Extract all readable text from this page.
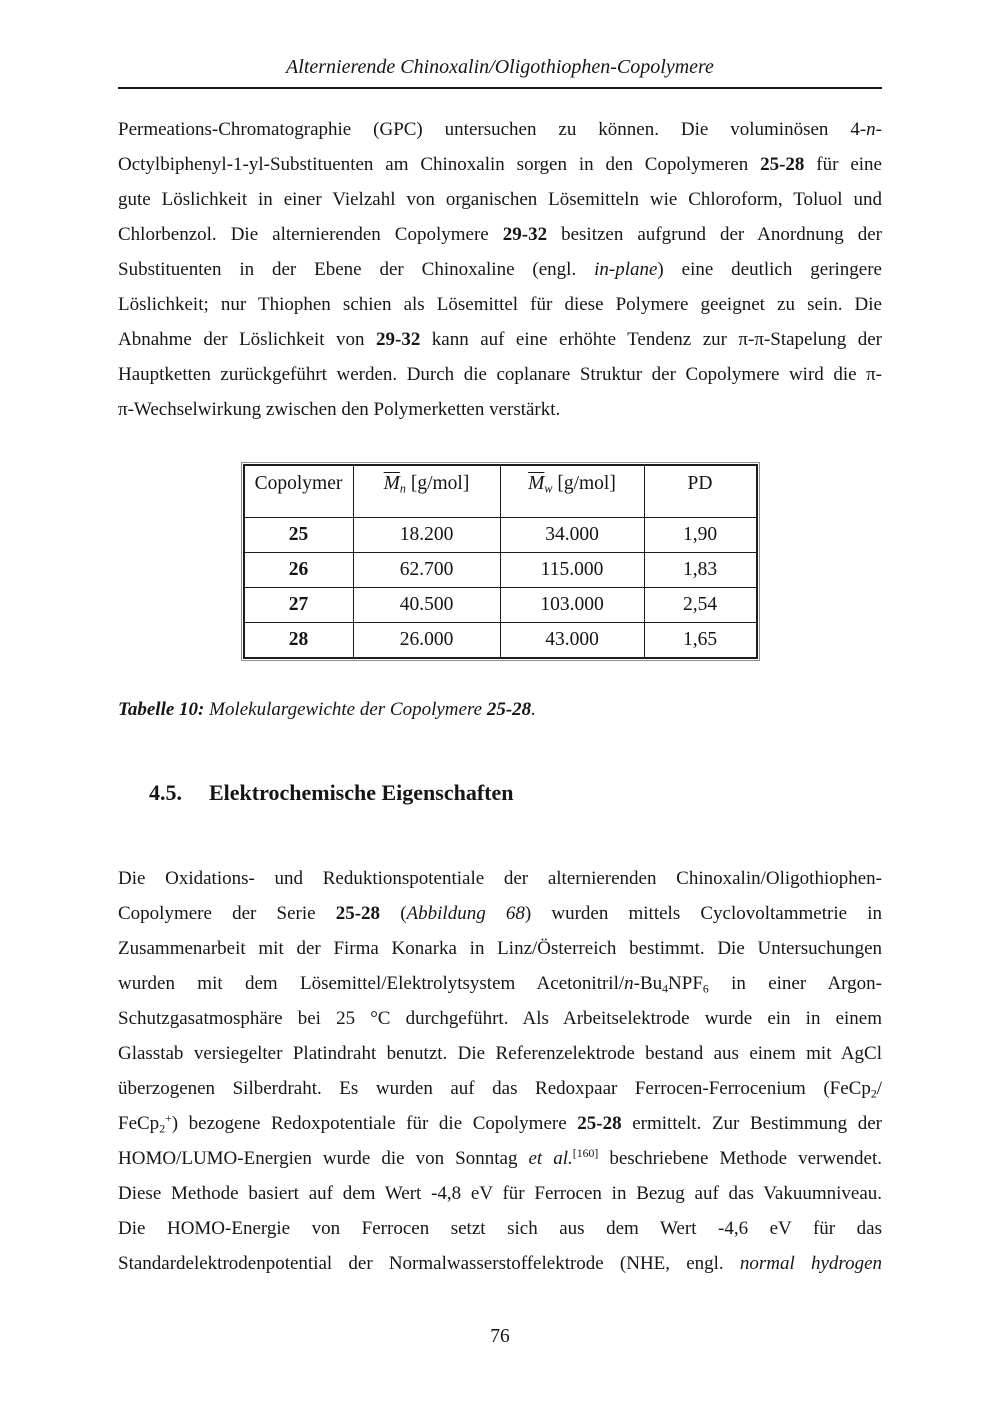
Alternierende Chinoxalin/Oligothiophen-Copolymere
Permeations-Chromatographie (GPC) untersuchen zu können. Die voluminösen 4-n-
Octylbiphenyl-1-yl-Substituenten am Chinoxalin sorgen in den Copolymeren 25-28 für eine
gute Löslichkeit in einer Vielzahl von organischen Lösemitteln wie Chloroform, Toluol und
Chlorbenzol. Die alternierenden Copolymere 29-32 besitzen aufgrund der Anordnung der
Substituenten in der Ebene der Chinoxaline (engl. in-plane) eine deutlich geringere
Löslichkeit; nur Thiophen schien als Lösemittel für diese Polymere geeignet zu sein. Die
Abnahme der Löslichkeit von 29-32 kann auf eine erhöhte Tendenz zur π-π-Stapelung der
Hauptketten zurückgeführt werden. Durch die coplanare Struktur der Copolymere wird die π-
π-Wechselwirkung zwischen den Polymerketten verstärkt.
Copolymer	$\overline{M}_n$ [g/mol]	$\overline{M}_w$ [g/mol]	PD
25	18.200	34.000	1,90
26	62.700	115.000	1,83
27	40.500	103.000	2,54
28	26.000	43.000	1,65
Tabelle 10: Molekulargewichte der Copolymere 25-28.
4.5. Elektrochemische Eigenschaften
Die Oxidations- und Reduktionspotentiale der alternierenden Chinoxalin/Oligothiophen-
Copolymere der Serie 25-28 (Abbildung 68) wurden mittels Cyclovoltammetrie in
Zusammenarbeit mit der Firma Konarka in Linz/Österreich bestimmt. Die Untersuchungen
wurden mit dem Lösemittel/Elektrolytsystem Acetonitril/$n-Bu_4NPF_6$ in einer Argon-
Schutzgasatmosphäre bei 25 °C durchgeführt. Als Arbeitselektrode wurde ein in einem
Glasstab versiegelter Platindraht benutzt. Die Referenzelektrode bestand aus einem mit AgCl
überzogenen Silberdraht. Es wurden auf das Redoxpaar Ferrocen-Ferrocenium (FeCp$_2$/
FeCp$_2$+) bezogene Redoxpotentiale für die Copolymere 25-28 ermittelt. Zur Bestimmung der
HOMO/LUMO-Energien wurde die von Sonntag et al.[160] beschriebene Methode verwendet.
Diese Methode basiert auf dem Wert -4,8 eV für Ferrocen in Bezug auf das Vakuumniveau.
Die HOMO-Energie von Ferrocen setzt sich aus dem Wert -4,6 eV für das
Standardelektrodenpotential der Normalwasserstoffelektrode (NHE, engl. normal hydrogen
76
